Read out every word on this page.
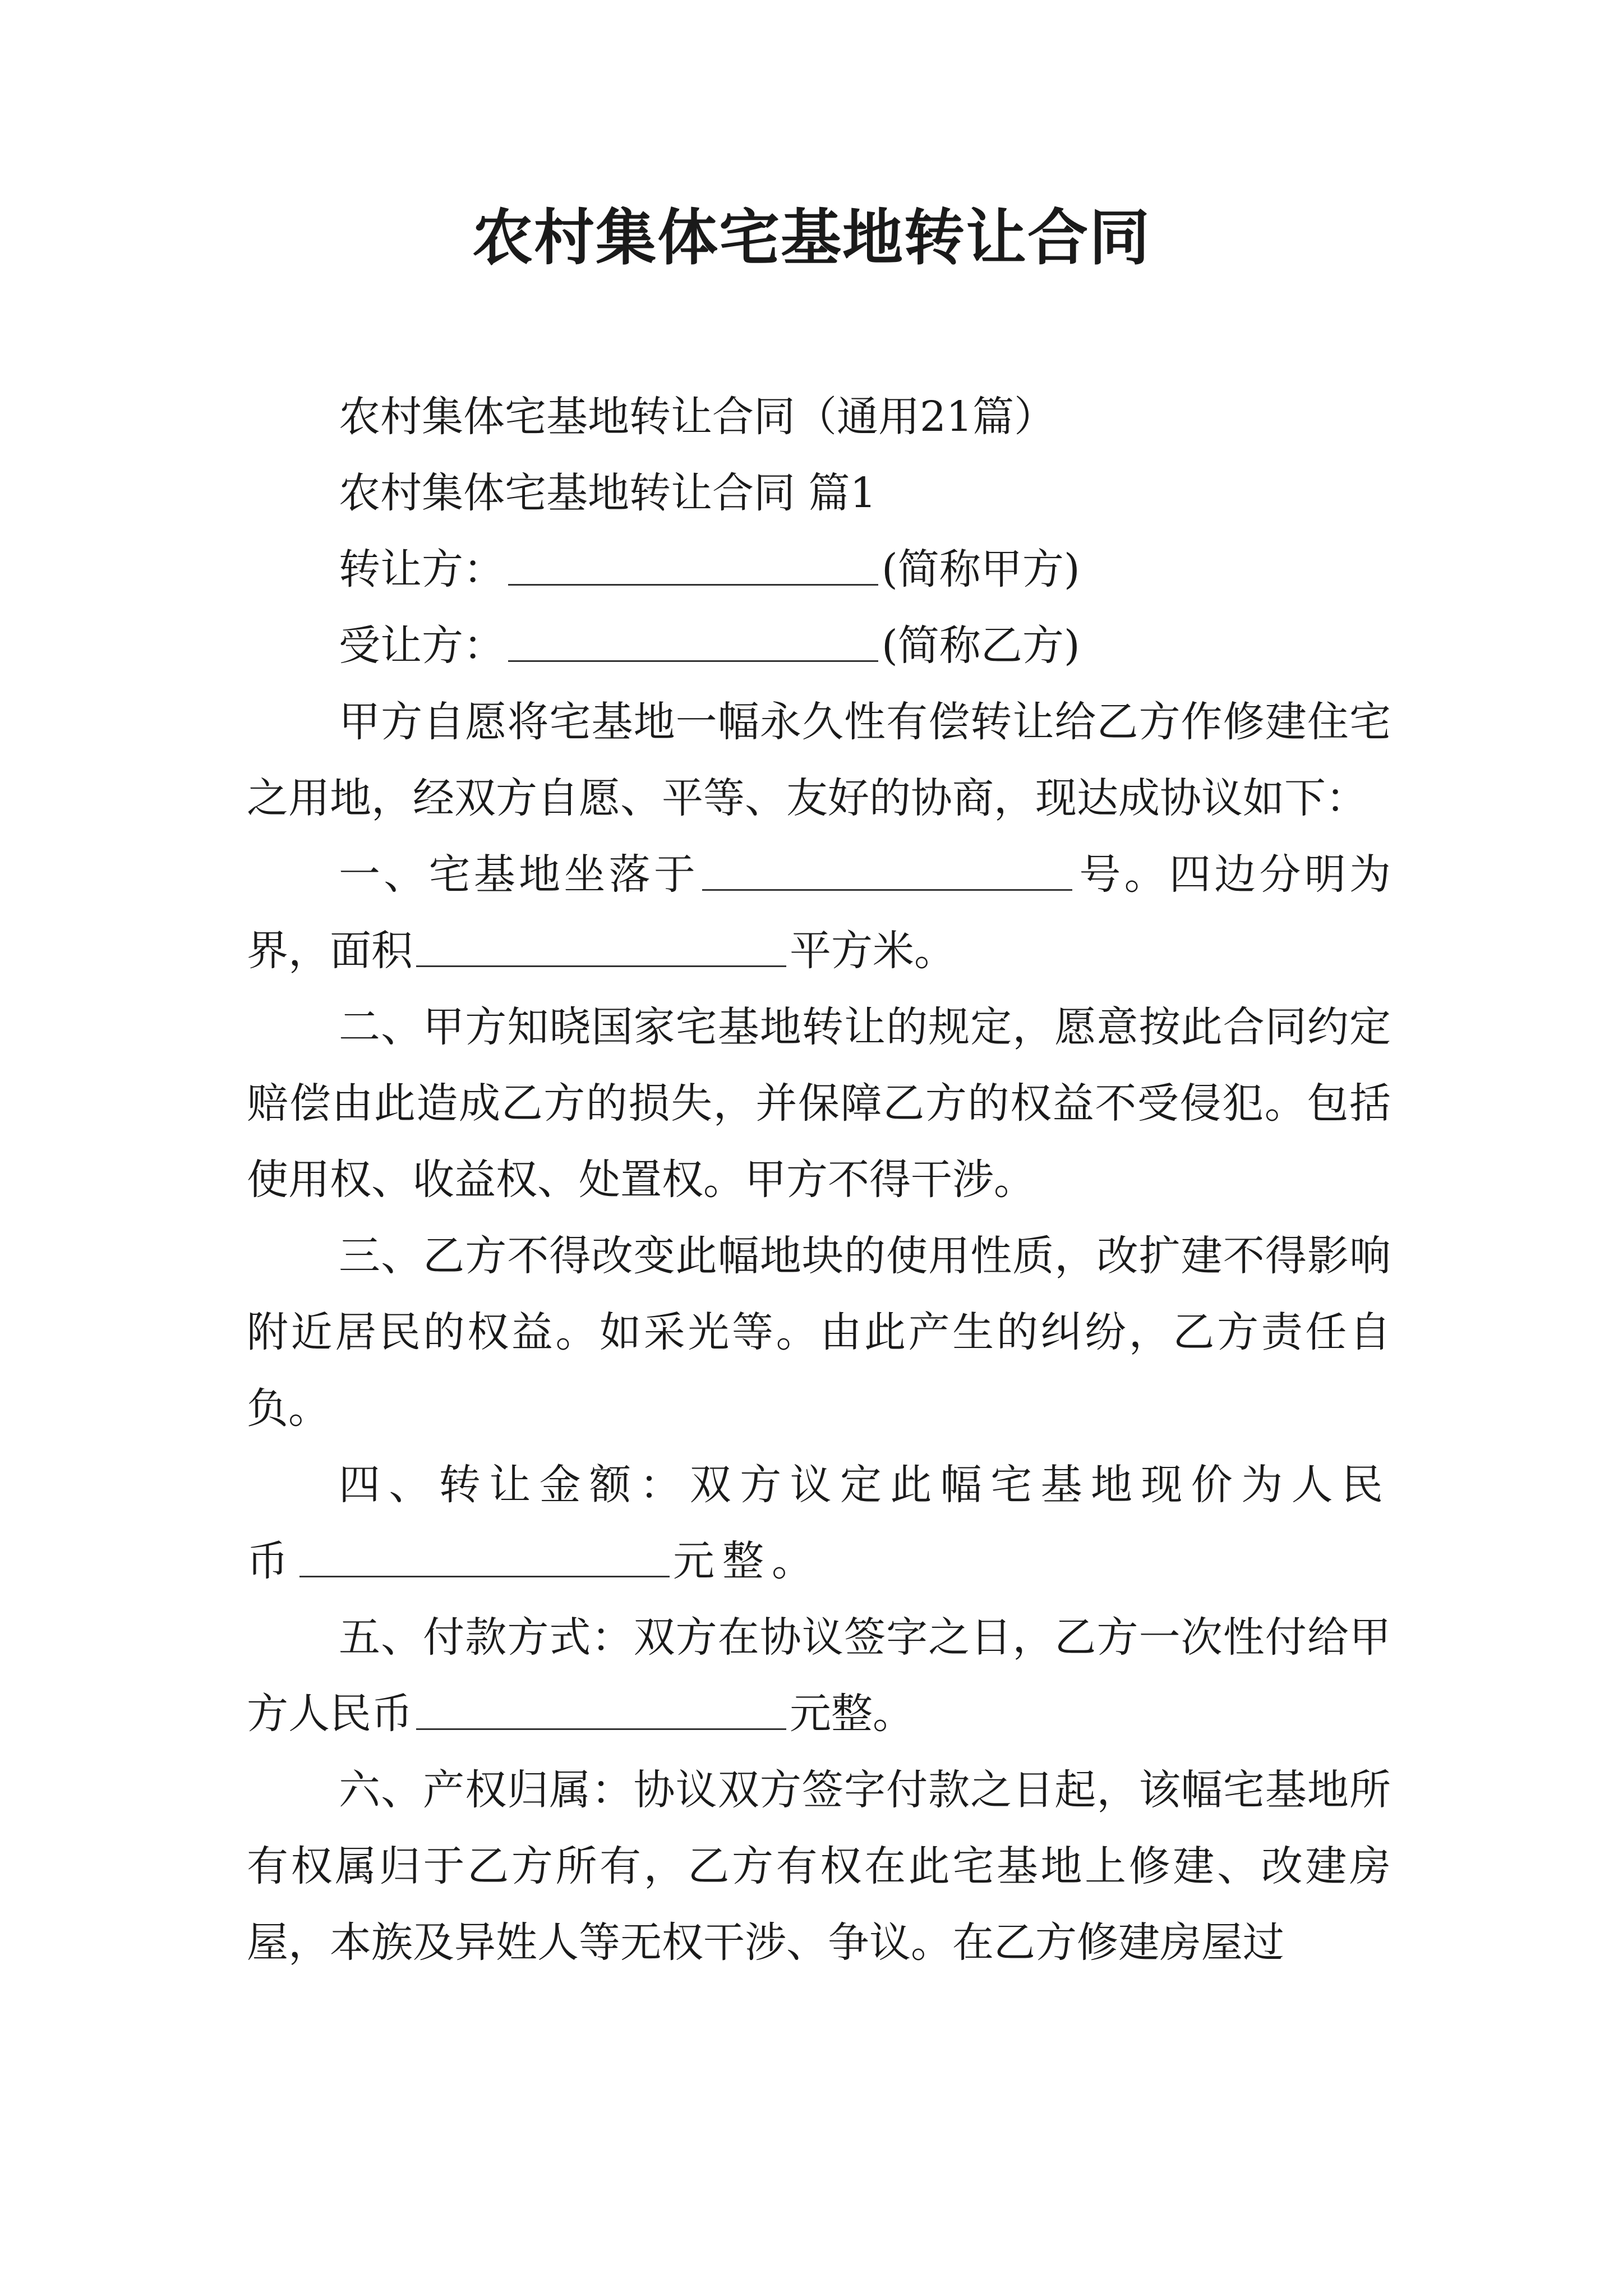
农村集体宅基地转让合同

农村集体宅基地转让合同（通用21篇）

农村集体宅基地转让合同 篇1

转让方：	(简称甲方)

受让方：	(简称乙方)

甲方自愿将宅基地一幅永久性有偿转让给乙方作修建住宅之用地，经双方自愿、平等、友好的协商，现达成协议如下：

一、宅基地坐落于	号。四边分明为界，面积	平方米。

二、甲方知晓国家宅基地转让的规定，愿意按此合同约定赔偿由此造成乙方的损失，并保障乙方的权益不受侵犯。包括使用权、收益权、处置权。甲方不得干涉。

三、乙方不得改变此幅地块的使用性质，改扩建不得影响附近居民的权益。如采光等。由此产生的纠纷，乙方责任自负。

四、转让金额：双方议定此幅宅基地现价为人民币	元整。

五、付款方式：双方在协议签字之日，乙方一次性付给甲方人民币	元整。

六、产权归属：协议双方签字付款之日起，该幅宅基地所有权属归于乙方所有，乙方有权在此宅基地上修建、改建房屋，本族及异姓人等无权干涉、争议。在乙方修建房屋过
